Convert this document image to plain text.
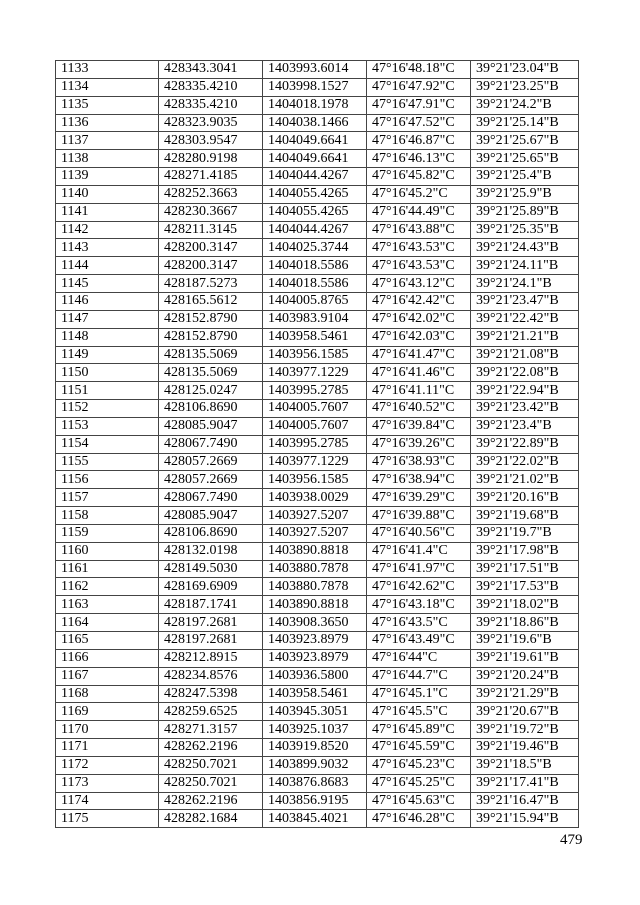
1133	428343.3041	1403993.6014	47°16'48.18"C	39°21'23.04"B
1134	428335.4210	1403998.1527	47°16'47.92"C	39°21'23.25"B
1135	428335.4210	1404018.1978	47°16'47.91"C	39°21'24.2"B
1136	428323.9035	1404038.1466	47°16'47.52"C	39°21'25.14"B
1137	428303.9547	1404049.6641	47°16'46.87"C	39°21'25.67"B
1138	428280.9198	1404049.6641	47°16'46.13"C	39°21'25.65"B
1139	428271.4185	1404044.4267	47°16'45.82"C	39°21'25.4"B
1140	428252.3663	1404055.4265	47°16'45.2"C	39°21'25.9"B
1141	428230.3667	1404055.4265	47°16'44.49"C	39°21'25.89"B
1142	428211.3145	1404044.4267	47°16'43.88"C	39°21'25.35"B
1143	428200.3147	1404025.3744	47°16'43.53"C	39°21'24.43"B
1144	428200.3147	1404018.5586	47°16'43.53"C	39°21'24.11"B
1145	428187.5273	1404018.5586	47°16'43.12"C	39°21'24.1"B
1146	428165.5612	1404005.8765	47°16'42.42"C	39°21'23.47"B
1147	428152.8790	1403983.9104	47°16'42.02"C	39°21'22.42"B
1148	428152.8790	1403958.5461	47°16'42.03"C	39°21'21.21"B
1149	428135.5069	1403956.1585	47°16'41.47"C	39°21'21.08"B
1150	428135.5069	1403977.1229	47°16'41.46"C	39°21'22.08"B
1151	428125.0247	1403995.2785	47°16'41.11"C	39°21'22.94"B
1152	428106.8690	1404005.7607	47°16'40.52"C	39°21'23.42"B
1153	428085.9047	1404005.7607	47°16'39.84"C	39°21'23.4"B
1154	428067.7490	1403995.2785	47°16'39.26"C	39°21'22.89"B
1155	428057.2669	1403977.1229	47°16'38.93"C	39°21'22.02"B
1156	428057.2669	1403956.1585	47°16'38.94"C	39°21'21.02"B
1157	428067.7490	1403938.0029	47°16'39.29"C	39°21'20.16"B
1158	428085.9047	1403927.5207	47°16'39.88"C	39°21'19.68"B
1159	428106.8690	1403927.5207	47°16'40.56"C	39°21'19.7"B
1160	428132.0198	1403890.8818	47°16'41.4"C	39°21'17.98"B
1161	428149.5030	1403880.7878	47°16'41.97"C	39°21'17.51"B
1162	428169.6909	1403880.7878	47°16'42.62"C	39°21'17.53"B
1163	428187.1741	1403890.8818	47°16'43.18"C	39°21'18.02"B
1164	428197.2681	1403908.3650	47°16'43.5"C	39°21'18.86"B
1165	428197.2681	1403923.8979	47°16'43.49"C	39°21'19.6"B
1166	428212.8915	1403923.8979	47°16'44"C	39°21'19.61"B
1167	428234.8576	1403936.5800	47°16'44.7"C	39°21'20.24"B
1168	428247.5398	1403958.5461	47°16'45.1"C	39°21'21.29"B
1169	428259.6525	1403945.3051	47°16'45.5"C	39°21'20.67"B
1170	428271.3157	1403925.1037	47°16'45.89"C	39°21'19.72"B
1171	428262.2196	1403919.8520	47°16'45.59"C	39°21'19.46"B
1172	428250.7021	1403899.9032	47°16'45.23"C	39°21'18.5"B
1173	428250.7021	1403876.8683	47°16'45.25"C	39°21'17.41"B
1174	428262.2196	1403856.9195	47°16'45.63"C	39°21'16.47"B
1175	428282.1684	1403845.4021	47°16'46.28"C	39°21'15.94"B
479
